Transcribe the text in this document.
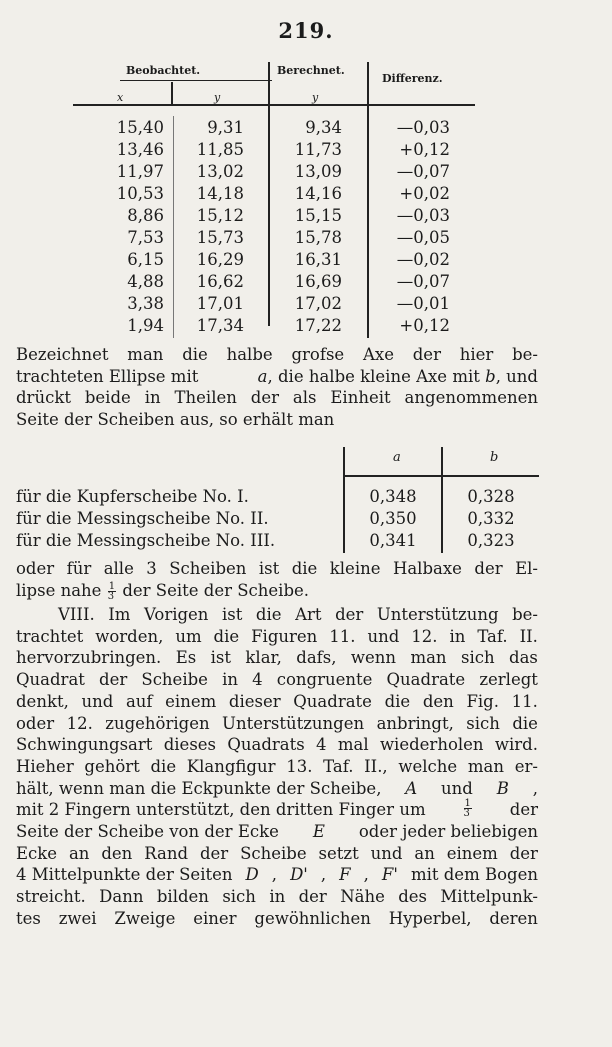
219.
Beobachtet.	Berechnet.
Differenz.
x	y	y
15,40	9,31	9,34	—0,03
13,46	11,85	11,73	+0,12
11,97	13,02	13,09	—0,07
10,53	14,18	14,16	+0,02
8,86	15,12	15,15	—0,03
7,53	15,73	15,78	—0,05
6,15	16,29	16,31	—0,02
4,88	16,62	16,69	—0,07
3,38	17,01	17,02	—0,01
1,94	17,34	17,22	+0,12
Bezeichnet man die halbe grofse Axe der hier be-
trachteten Ellipse mit	a, die halbe kleine Axe mit b, und
drückt beide in Theilen der als Einheit angenommenen
Seite der Scheiben aus, so erhält man
a	b
für die Kupferscheibe No. I.	0,348	0,328
für die Messingscheibe No. II.	0,350	0,332
für die Messingscheibe No. III.	0,341	0,323
oder für alle 3 Scheiben ist die kleine Halbaxe der El-
lipse nahe $\frac{1}{3}$ der Seite der Scheibe.
VIII. Im Vorigen ist die Art der Unterstützung be-
trachtet worden, um die Figuren 11. und 12. in Taf. II.
hervorzubringen. Es ist klar, dafs, wenn man sich das
Quadrat der Scheibe in 4 congruente Quadrate zerlegt
denkt, und auf einem dieser Quadrate die den Fig. 11.
oder 12. zugehörigen Unterstützungen anbringt, sich die
Schwingungsart dieses Quadrats 4 mal wiederholen wird.
Hieher gehört die Klangfigur 13. Taf. II., welche man er-
hält, wenn man die Eckpunkte der Scheibe, A und B ,
mit 2 Fingern unterstützt, den dritten Finger um	$\frac{1}{3}$ der
Seite der Scheibe von der Ecke E oder jeder beliebigen
Ecke an den Rand der Scheibe setzt und an einem der
4 Mittelpunkte der Seiten D , D' , F , F' mit dem Bogen
streicht. Dann bilden sich in der Nähe des Mittelpunk-
tes zwei Zweige einer gewöhnlichen Hyperbel, deren
